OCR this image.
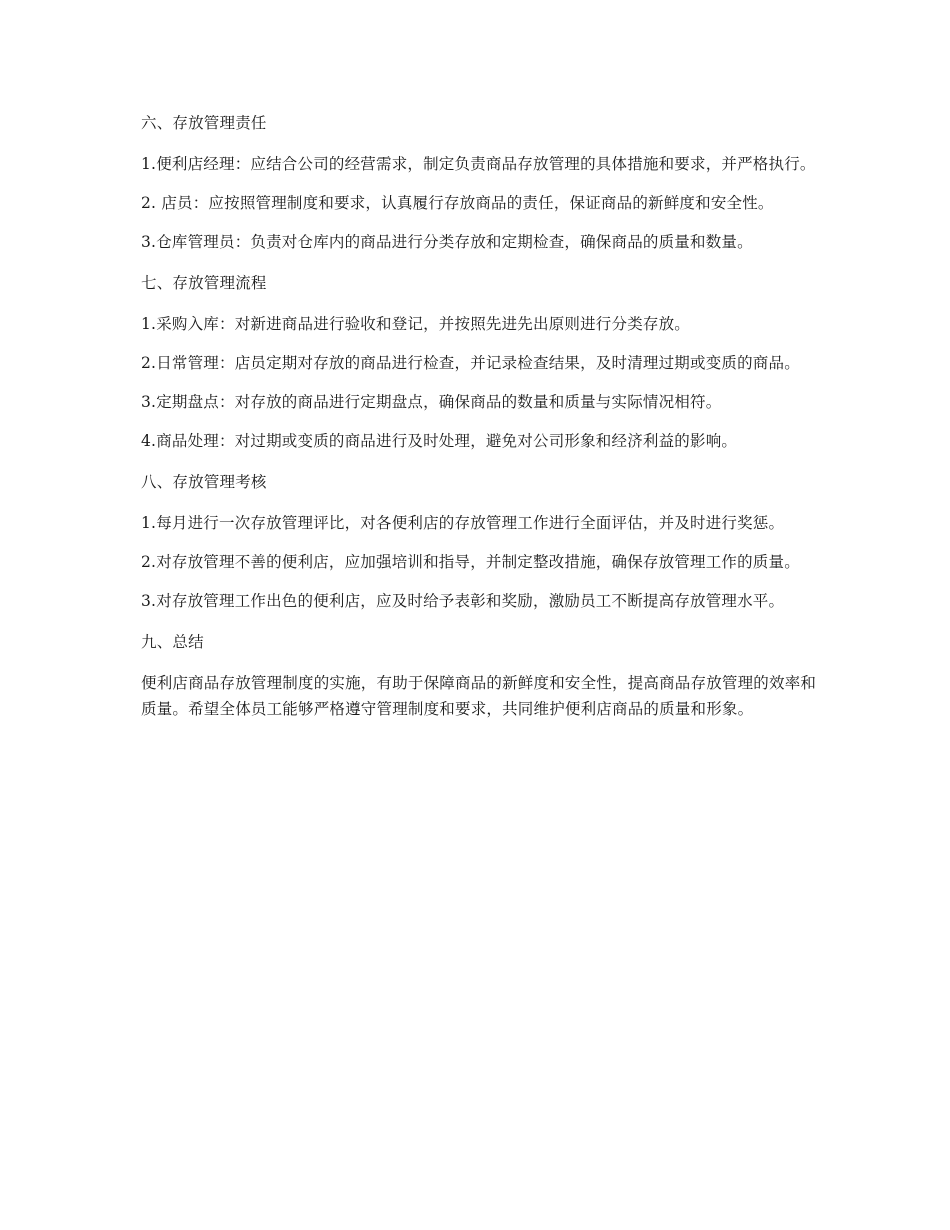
六、存放管理责任

1.便利店经理：应结合公司的经营需求，制定负责商品存放管理的具体措施和要求，并严格执行。

2. 店员：应按照管理制度和要求，认真履行存放商品的责任，保证商品的新鲜度和安全性。

3.仓库管理员：负责对仓库内的商品进行分类存放和定期检查，确保商品的质量和数量。

七、存放管理流程

1.采购入库：对新进商品进行验收和登记，并按照先进先出原则进行分类存放。

2.日常管理：店员定期对存放的商品进行检查，并记录检查结果，及时清理过期或变质的商品。

3.定期盘点：对存放的商品进行定期盘点，确保商品的数量和质量与实际情况相符。

4.商品处理：对过期或变质的商品进行及时处理，避免对公司形象和经济利益的影响。

八、存放管理考核

1.每月进行一次存放管理评比，对各便利店的存放管理工作进行全面评估，并及时进行奖惩。

2.对存放管理不善的便利店，应加强培训和指导，并制定整改措施，确保存放管理工作的质量。

3.对存放管理工作出色的便利店，应及时给予表彰和奖励，激励员工不断提高存放管理水平。

九、总结

便利店商品存放管理制度的实施，有助于保障商品的新鲜度和安全性，提高商品存放管理的效率和质量。希望全体员工能够严格遵守管理制度和要求，共同维护便利店商品的质量和形象。
